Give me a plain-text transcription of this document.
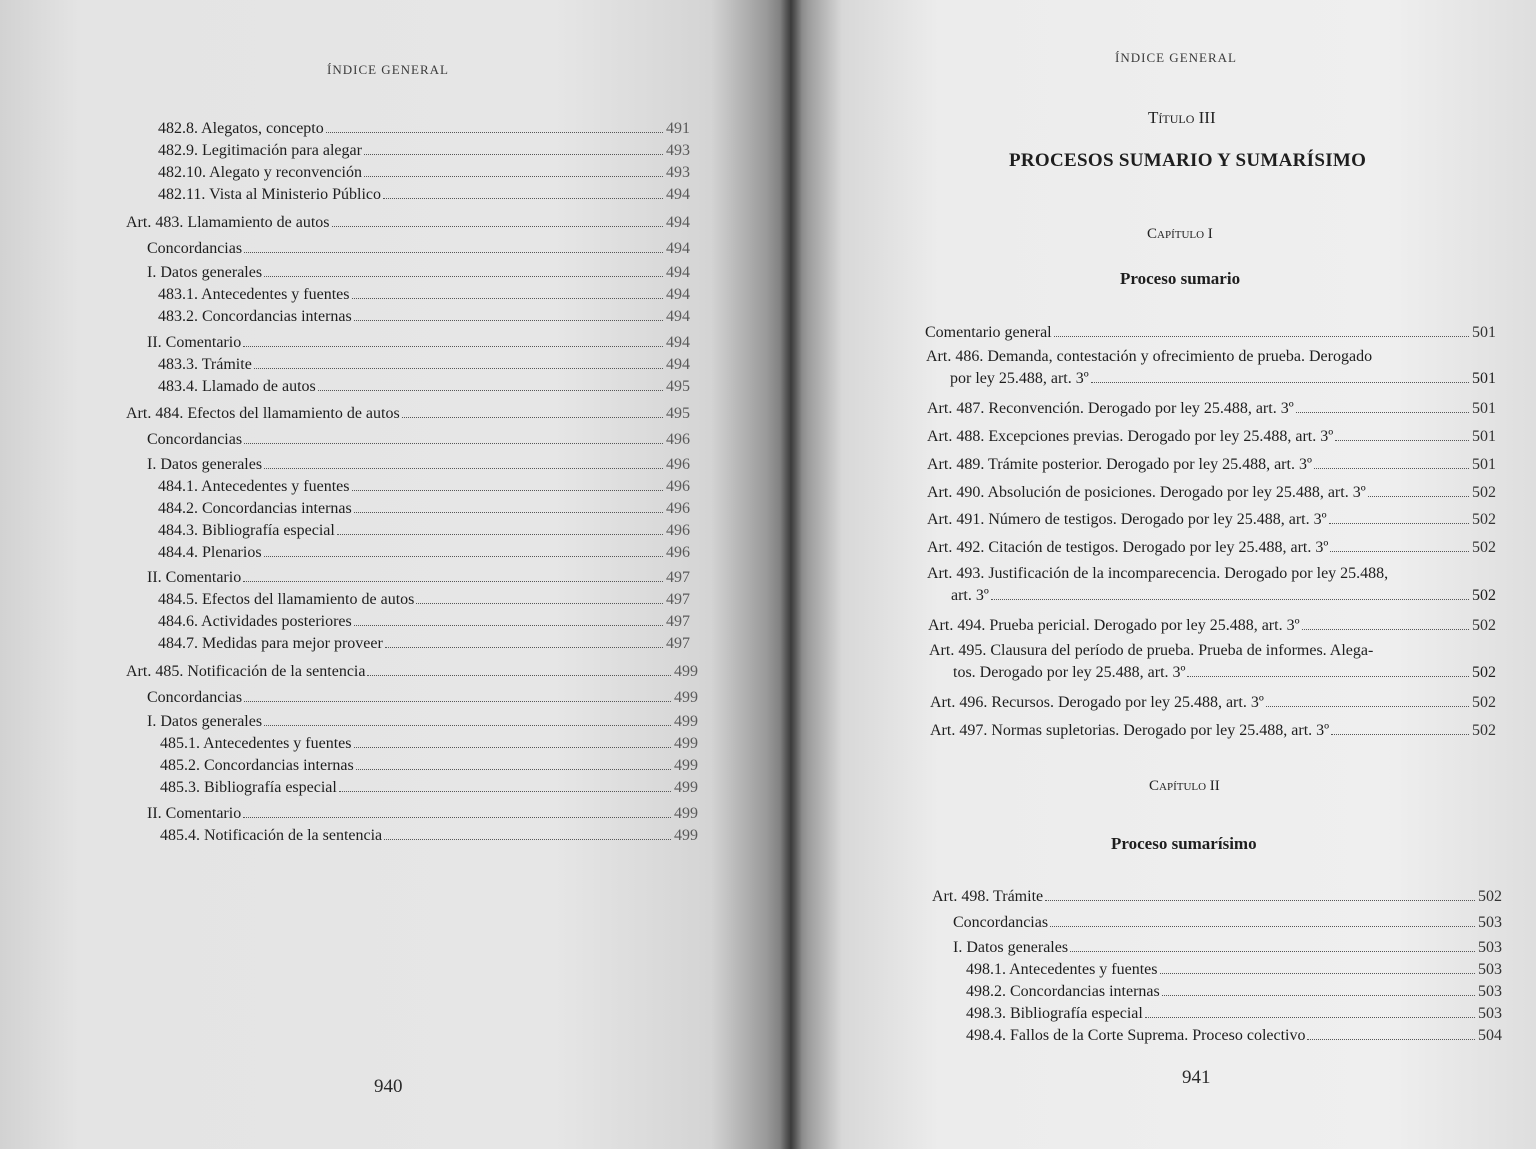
ÍNDICE GENERAL
482.8. Alegatos, concepto	491
482.9. Legitimación para alegar	493
482.10. Alegato y reconvención	493
482.11. Vista al Ministerio Público	494
Art. 483. Llamamiento de autos	494
Concordancias	494
I. Datos generales	494
483.1. Antecedentes y fuentes	494
483.2. Concordancias internas	494
II. Comentario	494
483.3. Trámite	494
483.4. Llamado de autos	495
Art. 484. Efectos del llamamiento de autos	495
Concordancias	496
I. Datos generales	496
484.1. Antecedentes y fuentes	496
484.2. Concordancias internas	496
484.3. Bibliografía especial	496
484.4. Plenarios	496
II. Comentario	497
484.5. Efectos del llamamiento de autos	497
484.6. Actividades posteriores	497
484.7. Medidas para mejor proveer	497
Art. 485. Notificación de la sentencia	499
Concordancias	499
I. Datos generales	499
485.1. Antecedentes y fuentes	499
485.2. Concordancias internas	499
485.3. Bibliografía especial	499
II. Comentario	499
485.4. Notificación de la sentencia	499
940
ÍNDICE GENERAL
Título III
PROCESOS SUMARIO Y SUMARÍSIMO
Capítulo I
Proceso sumario
Comentario general	501
Art. 486. Demanda, contestación y ofrecimiento de prueba. Derogado
por ley 25.488, art. 3º	501
Art. 487. Reconvención. Derogado por ley 25.488, art. 3º	501
Art. 488. Excepciones previas. Derogado por ley 25.488, art. 3º	501
Art. 489. Trámite posterior. Derogado por ley 25.488, art. 3º	501
Art. 490. Absolución de posiciones. Derogado por ley 25.488, art. 3º	502
Art. 491. Número de testigos. Derogado por ley 25.488, art. 3º	502
Art. 492. Citación de testigos. Derogado por ley 25.488, art. 3º	502
Art. 493. Justificación de la incomparecencia. Derogado por ley 25.488,
art. 3º	502
Art. 494. Prueba pericial. Derogado por ley 25.488, art. 3º	502
Art. 495. Clausura del período de prueba. Prueba de informes. Alega-
tos. Derogado por ley 25.488, art. 3º	502
Art. 496. Recursos. Derogado por ley 25.488, art. 3º	502
Art. 497. Normas supletorias. Derogado por ley 25.488, art. 3º	502
Capítulo II
Proceso sumarísimo
Art. 498. Trámite	502
Concordancias	503
I. Datos generales	503
498.1. Antecedentes y fuentes	503
498.2. Concordancias internas	503
498.3. Bibliografía especial	503
498.4. Fallos de la Corte Suprema. Proceso colectivo	504
941
